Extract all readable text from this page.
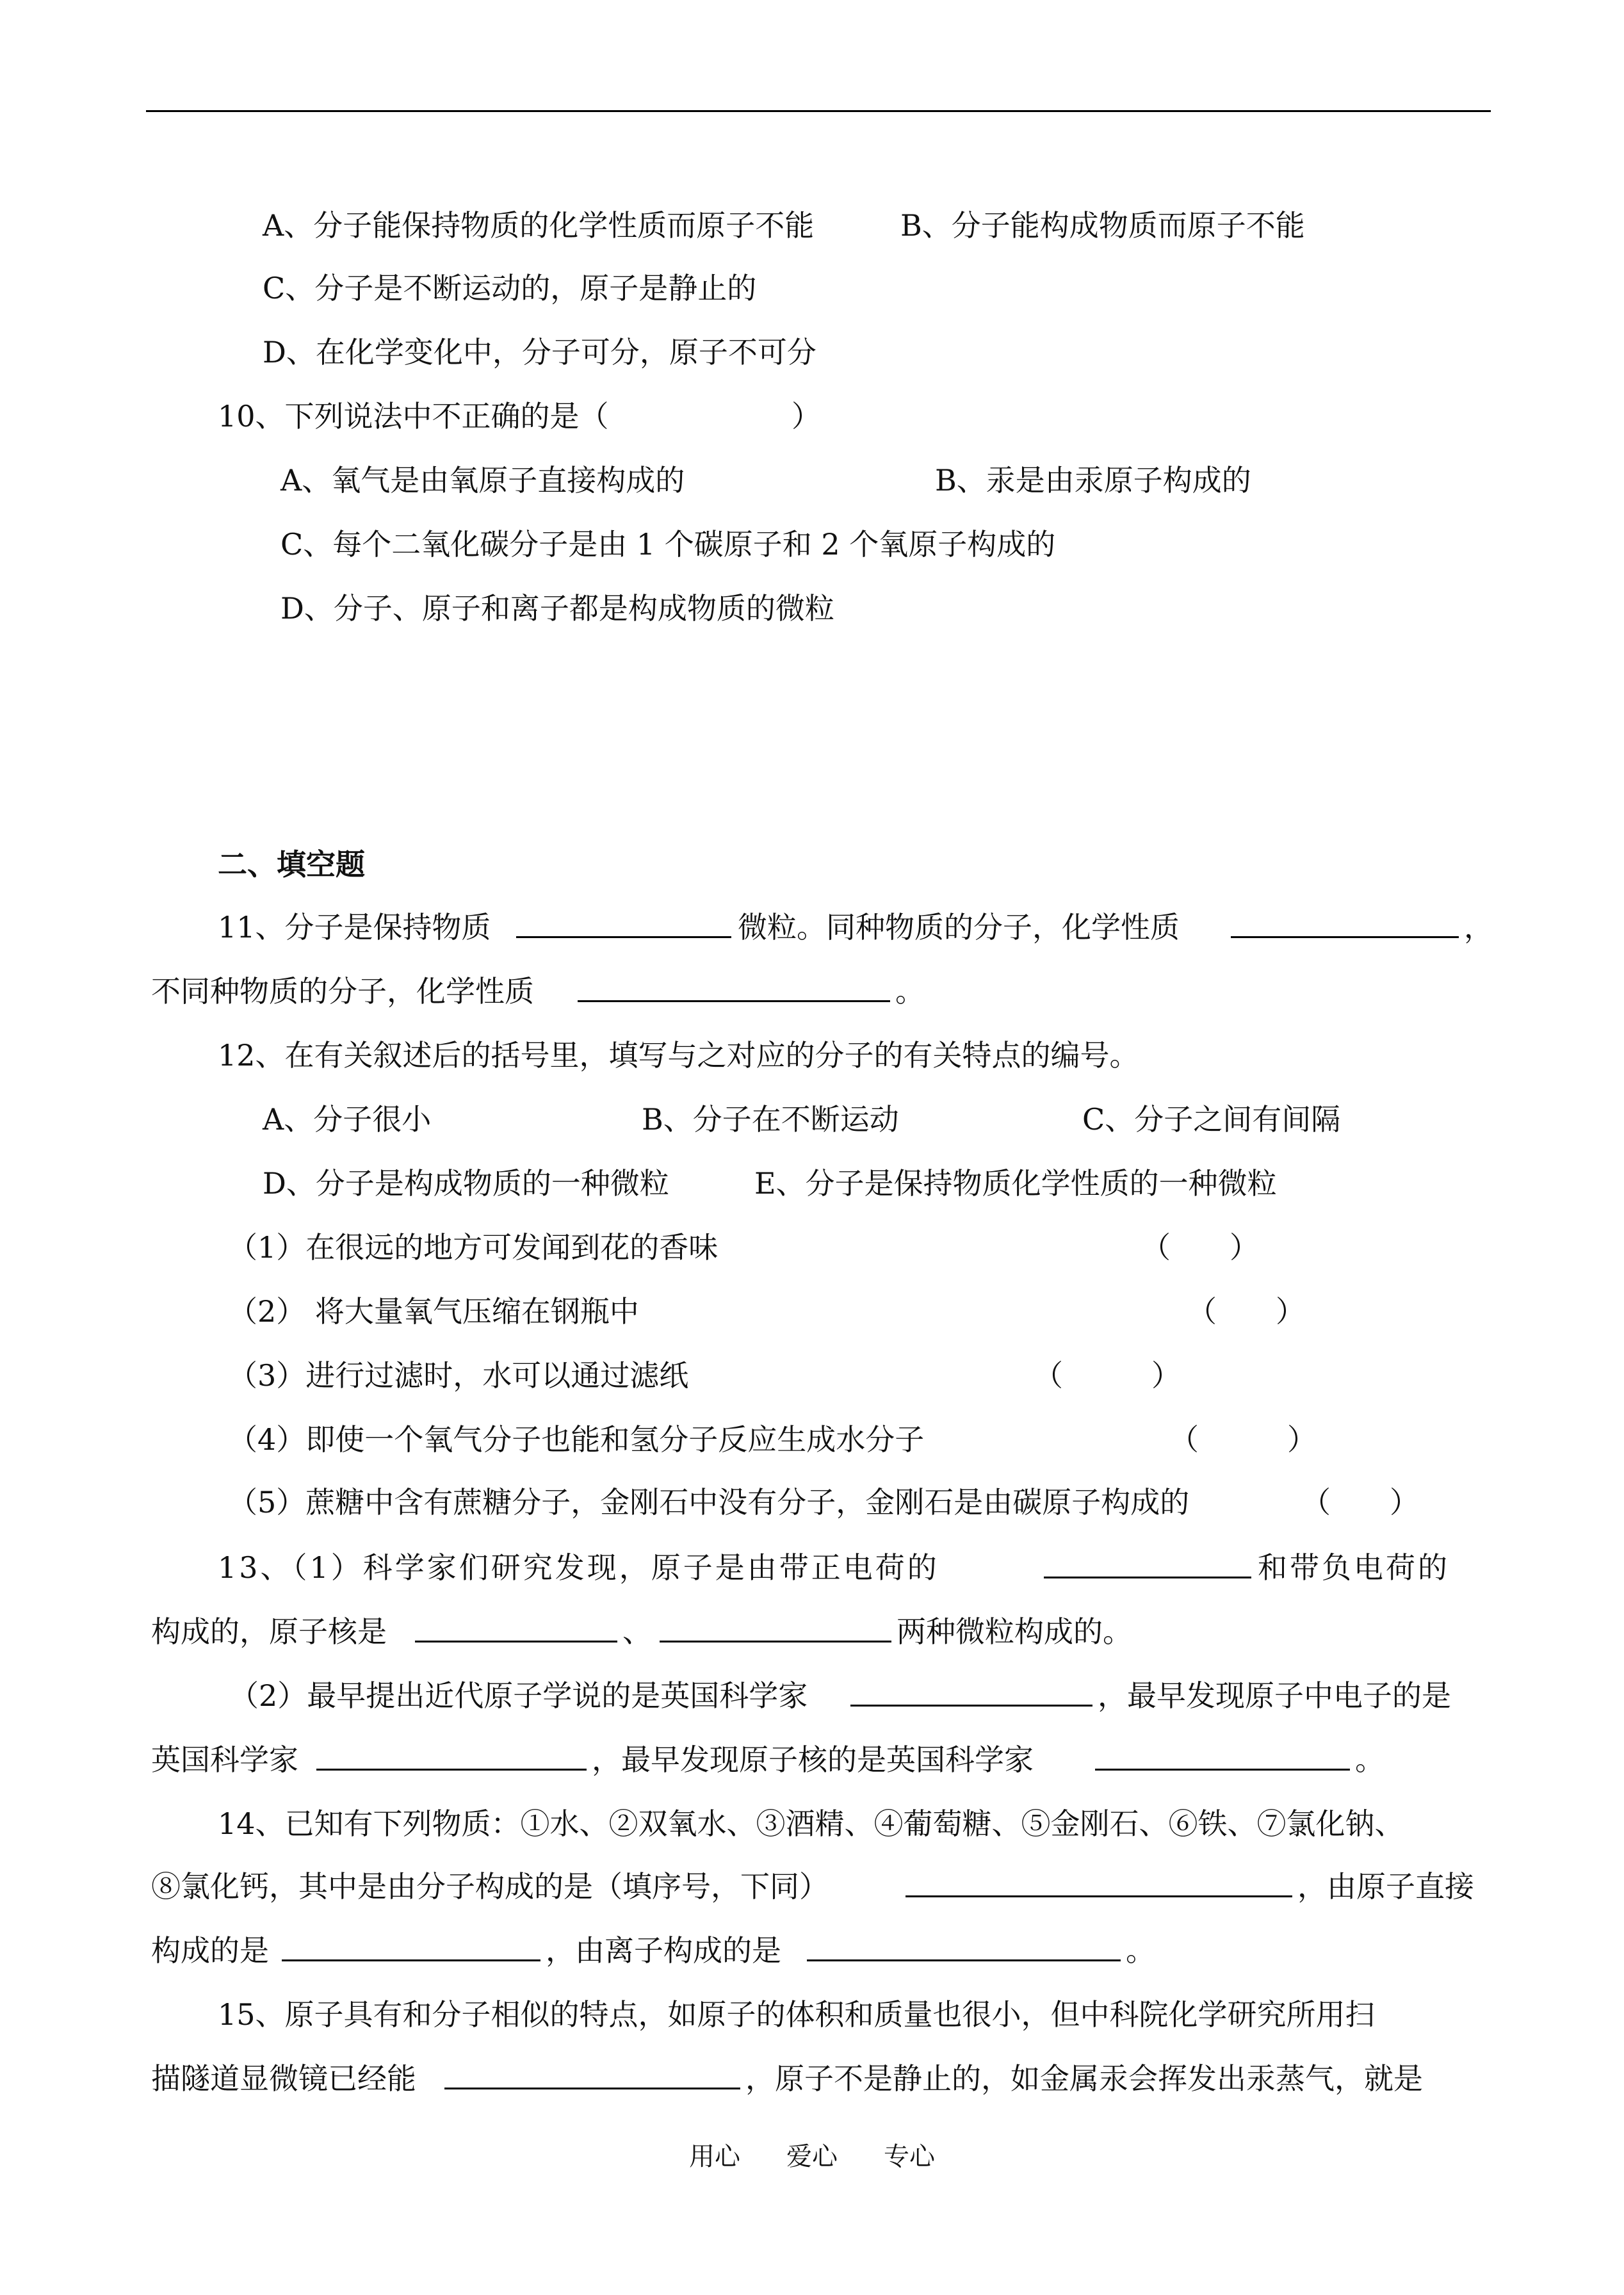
A、分子能保持物质的化学性质而原子不能	B、分子能构成物质而原子不能
C、分子是不断运动的，原子是静止的
D、在化学变化中，分子可分，原子不可分
10、下列说法中不正确的是（	）
A、氧气是由氧原子直接构成的	B、汞是由汞原子构成的
C、每个二氧化碳分子是由 1 个碳原子和 2 个氧原子构成的
D、分子、原子和离子都是构成物质的微粒
二、填空题
11、分子是保持物质	微粒。同种物质的分子，化学性质	，
不同种物质的分子，化学性质	。
12、在有关叙述后的括号里，填写与之对应的分子的有关特点的编号。
A、分子很小	B、分子在不断运动	C、分子之间有间隔
D、分子是构成物质的一种微粒	E、分子是保持物质化学性质的一种微粒
（1）在很远的地方可发闻到花的香味	（　　）
（2） 将大量氧气压缩在钢瓶中	（　　）
（3）进行过滤时，水可以通过滤纸	（　　　）
（4）即使一个氧气分子也能和氢分子反应生成水分子	（　　　）
（5）蔗糖中含有蔗糖分子，金刚石中没有分子，金刚石是由碳原子构成的	（　　）
13、（1）科学家们研究发现，原子是由带正电荷的	和带负电荷的
构成的，原子核是	、	两种微粒构成的。
（2）最早提出近代原子学说的是英国科学家	，最早发现原子中电子的是
英国科学家	，最早发现原子核的是英国科学家	。
14、已知有下列物质：①水、②双氧水、③酒精、④葡萄糖、⑤金刚石、⑥铁、⑦氯化钠、
⑧氯化钙，其中是由分子构成的是（填序号，下同）	，由原子直接
构成的是	，由离子构成的是	。
15、原子具有和分子相似的特点，如原子的体积和质量也很小，但中科院化学研究所用扫
描隧道显微镜已经能	，原子不是静止的，如金属汞会挥发出汞蒸气，就是
用心 爱心 专心
